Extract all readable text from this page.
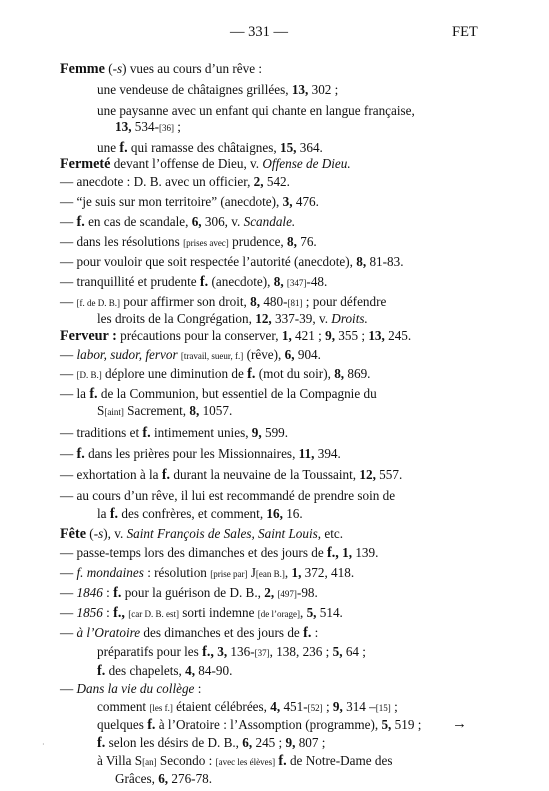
— 331 —	FET
Femme (-s) vues au cours d’un rêve :
une vendeuse de châtaignes grillées, 13, 302 ;
une paysanne avec un enfant qui chante en langue française,
13, 534-[36] ;
une f. qui ramasse des châtaignes, 15, 364.
Fermeté devant l’offense de Dieu, v. Offense de Dieu.
— anecdote : D. B. avec un officier, 2, 542.
— “je suis sur mon territoire” (anecdote), 3, 476.
— f. en cas de scandale, 6, 306, v. Scandale.
— dans les résolutions [prises avec] prudence, 8, 76.
— pour vouloir que soit respectée l’autorité (anecdote), 8, 81-83.
— tranquillité et prudente f. (anecdote), 8, [347]-48.
— [f. de D. B.] pour affirmer son droit, 8, 480-[81] ; pour défendre
les droits de la Congrégation, 12, 337-39, v. Droits.
Ferveur : précautions pour la conserver, 1, 421 ; 9, 355 ; 13, 245.
— labor, sudor, fervor [travail, sueur, f.] (rêve), 6, 904.
— [D. B.] déplore une diminution de f. (mot du soir), 8, 869.
— la f. de la Communion, but essentiel de la Compagnie du
S[aint] Sacrement, 8, 1057.
— traditions et f. intimement unies, 9, 599.
— f. dans les prières pour les Missionnaires, 11, 394.
— exhortation à la f. durant la neuvaine de la Toussaint, 12, 557.
— au cours d’un rêve, il lui est recommandé de prendre soin de
la f. des confrères, et comment, 16, 16.
Fête (-s), v. Saint François de Sales, Saint Louis, etc.
— passe-temps lors des dimanches et des jours de f., 1, 139.
— f. mondaines : résolution [prise par] J[ean B.], 1, 372, 418.
— 1846 : f. pour la guérison de D. B., 2, [497]-98.
— 1856 : f., [car D. B. est] sorti indemne [de l’orage], 5, 514.
— à l’Oratoire des dimanches et des jours de f. :
préparatifs pour les f., 3, 136-[37], 138, 236 ; 5, 64 ;
f. des chapelets, 4, 84-90.
— Dans la vie du collège :
comment [les f.] étaient célébrées, 4, 451-[52] ; 9, 314 –[15] ;
quelques f. à l’Oratoire : l’Assomption (programme), 5, 519 ;
f. selon les désirs de D. B., 6, 245 ; 9, 807 ;
à Villa S[an] Secondo : [avec les élèves] f. de Notre-Dame des
Grâces, 6, 276-78.
→
·
